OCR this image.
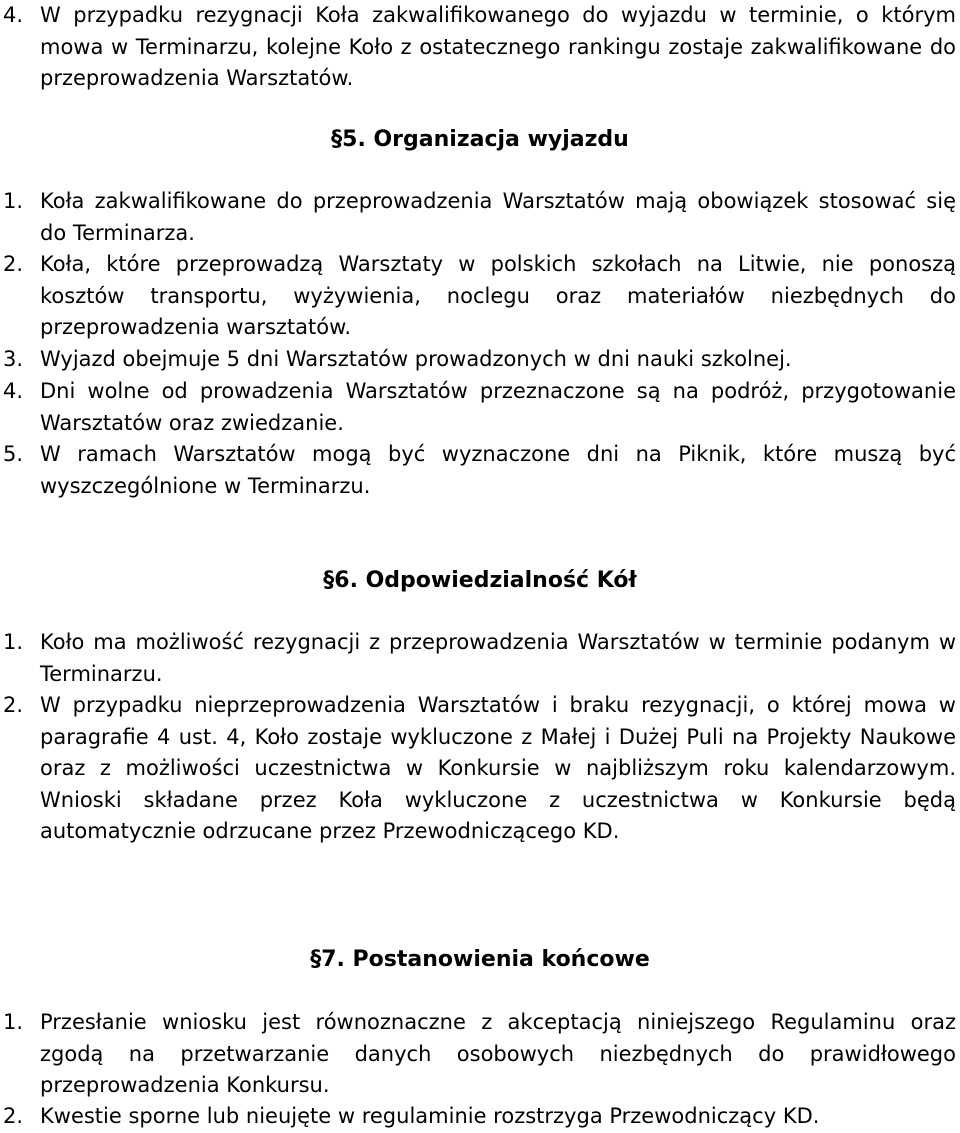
4. W przypadku rezygnacji Koła zakwalifikowanego do wyjazdu w terminie, o którym mowa w Terminarzu, kolejne Koło z ostatecznego rankingu zostaje zakwalifikowane do przeprowadzenia Warsztatów.
§5. Organizacja wyjazdu
1. Koła zakwalifikowane do przeprowadzenia Warsztatów mają obowiązek stosować się do Terminarza.
2. Koła, które przeprowadzą Warsztaty w polskich szkołach na Litwie, nie ponoszą kosztów transportu, wyżywienia, noclegu oraz materiałów niezbędnych do przeprowadzenia warsztatów.
3. Wyjazd obejmuje 5 dni Warsztatów prowadzonych w dni nauki szkolnej.
4. Dni wolne od prowadzenia Warsztatów przeznaczone są na podróż, przygotowanie Warsztatów oraz zwiedzanie.
5. W ramach Warsztatów mogą być wyznaczone dni na Piknik, które muszą być wyszczególnione w Terminarzu.
§6. Odpowiedzialność Kół
1. Koło ma możliwość rezygnacji z przeprowadzenia Warsztatów w terminie podanym w Terminarzu.
2. W przypadku nieprzeprowadzenia Warsztatów i braku rezygnacji, o której mowa w paragrafie 4 ust. 4, Koło zostaje wykluczone z Małej i Dużej Puli na Projekty Naukowe oraz z możliwości uczestnictwa w Konkursie w najbliższym roku kalendarzowym. Wnioski składane przez Koła wykluczone z uczestnictwa w Konkursie będą automatycznie odrzucane przez Przewodniczącego KD.
§7. Postanowienia końcowe
1. Przesłanie wniosku jest równoznaczne z akceptacją niniejszego Regulaminu oraz zgodą na przetwarzanie danych osobowych niezbędnych do prawidłowego przeprowadzenia Konkursu.
2. Kwestie sporne lub nieujęte w regulaminie rozstrzyga Przewodniczący KD.
